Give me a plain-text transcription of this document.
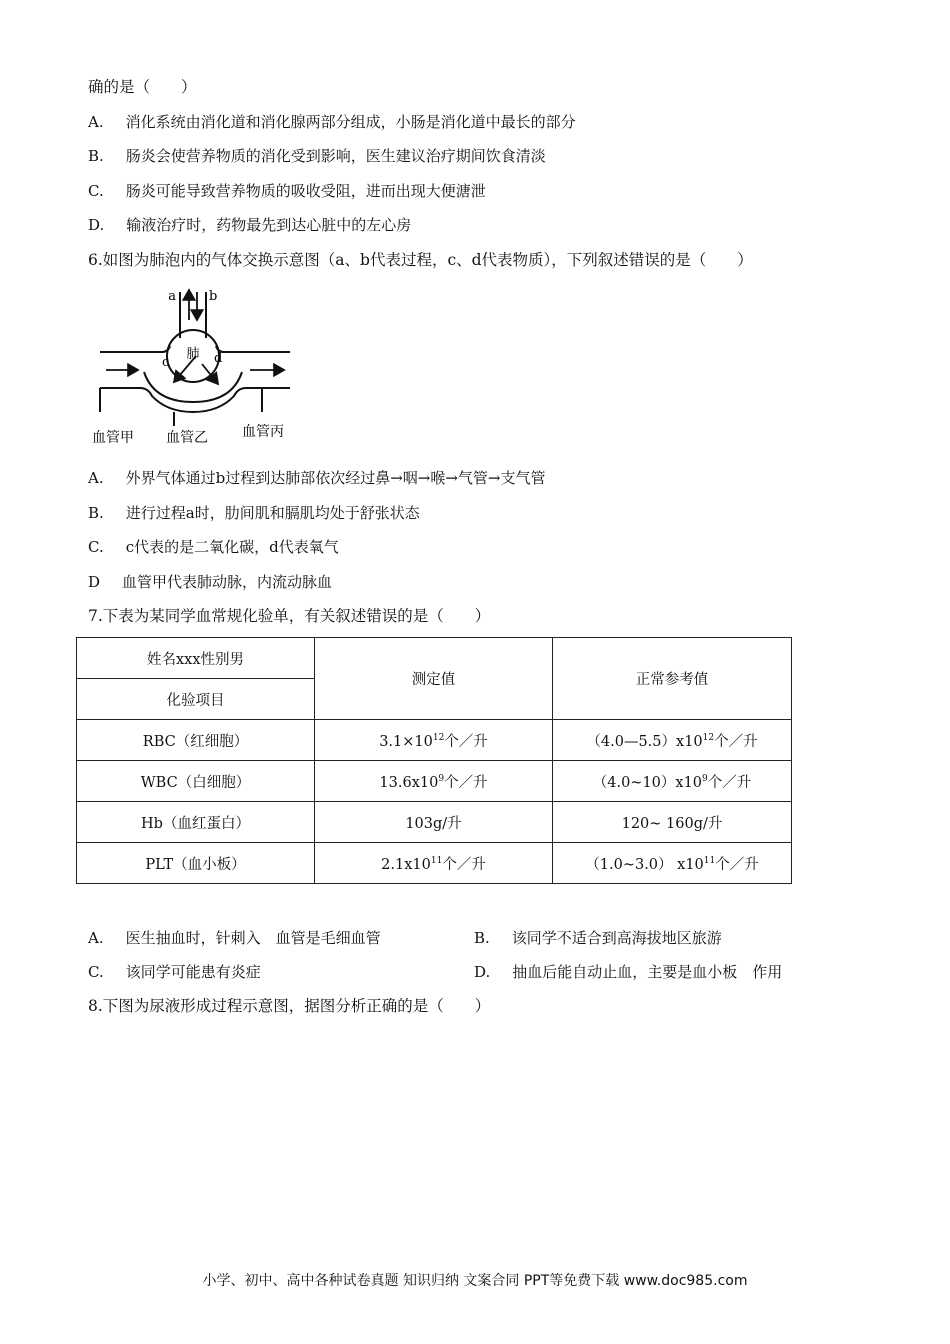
确的是（　　）
A. 消化系统由消化道和消化腺两部分组成，小肠是消化道中最长的部分
B. 肠炎会使营养物质的消化受到影响，医生建议治疗期间饮食清淡
C. 肠炎可能导致营养物质的吸收受阻，进而出现大便溏泄
D. 输液治疗时，药物最先到达心脏中的左心房
6.如图为肺泡内的气体交换示意图（a、b代表过程，c、d代表物质），下列叙述错误的是（　　）
a	b
c	d
肺
血管甲 血管乙 血管丙
A. 外界气体通过b过程到达肺部依次经过鼻→咽→喉→气管→支气管
B. 进行过程a时，肋间肌和膈肌均处于舒张状态
C. c代表的是二氧化碳，d代表氧气
D 血管甲代表肺动脉，内流动脉血
7.下表为某同学血常规化验单，有关叙述错误的是（　　）
姓名xxx性别男	测定值	正常参考值
化验项目		
RBC（红细胞）	$3.1\times 10^{12}$个／升	$(4.0—5.5)x10^{12}$个／升
WBC（白细胞）	$13.6x10^9$个／升	$(4.0\sim 10)x10^9$个／升
Hb（血红蛋白）	103g/升	120~ 160g/升
PLT（血小板）	$2.1x10^{11}$个／升	（1.0~3.0） $x10^{11}$个／升
A. 医生抽血时，针刺入　血管是毛细血管	B. 该同学不适合到高海拔地区旅游
C. 该同学可能患有炎症	D. 抽血后能自动止血，主要是血小板　作用
8.下图为尿液形成过程示意图，据图分析正确的是（　　）
小学、初中、高中各种试卷真题 知识归纳 文案合同 PPT等免费下载 www.doc985.com
